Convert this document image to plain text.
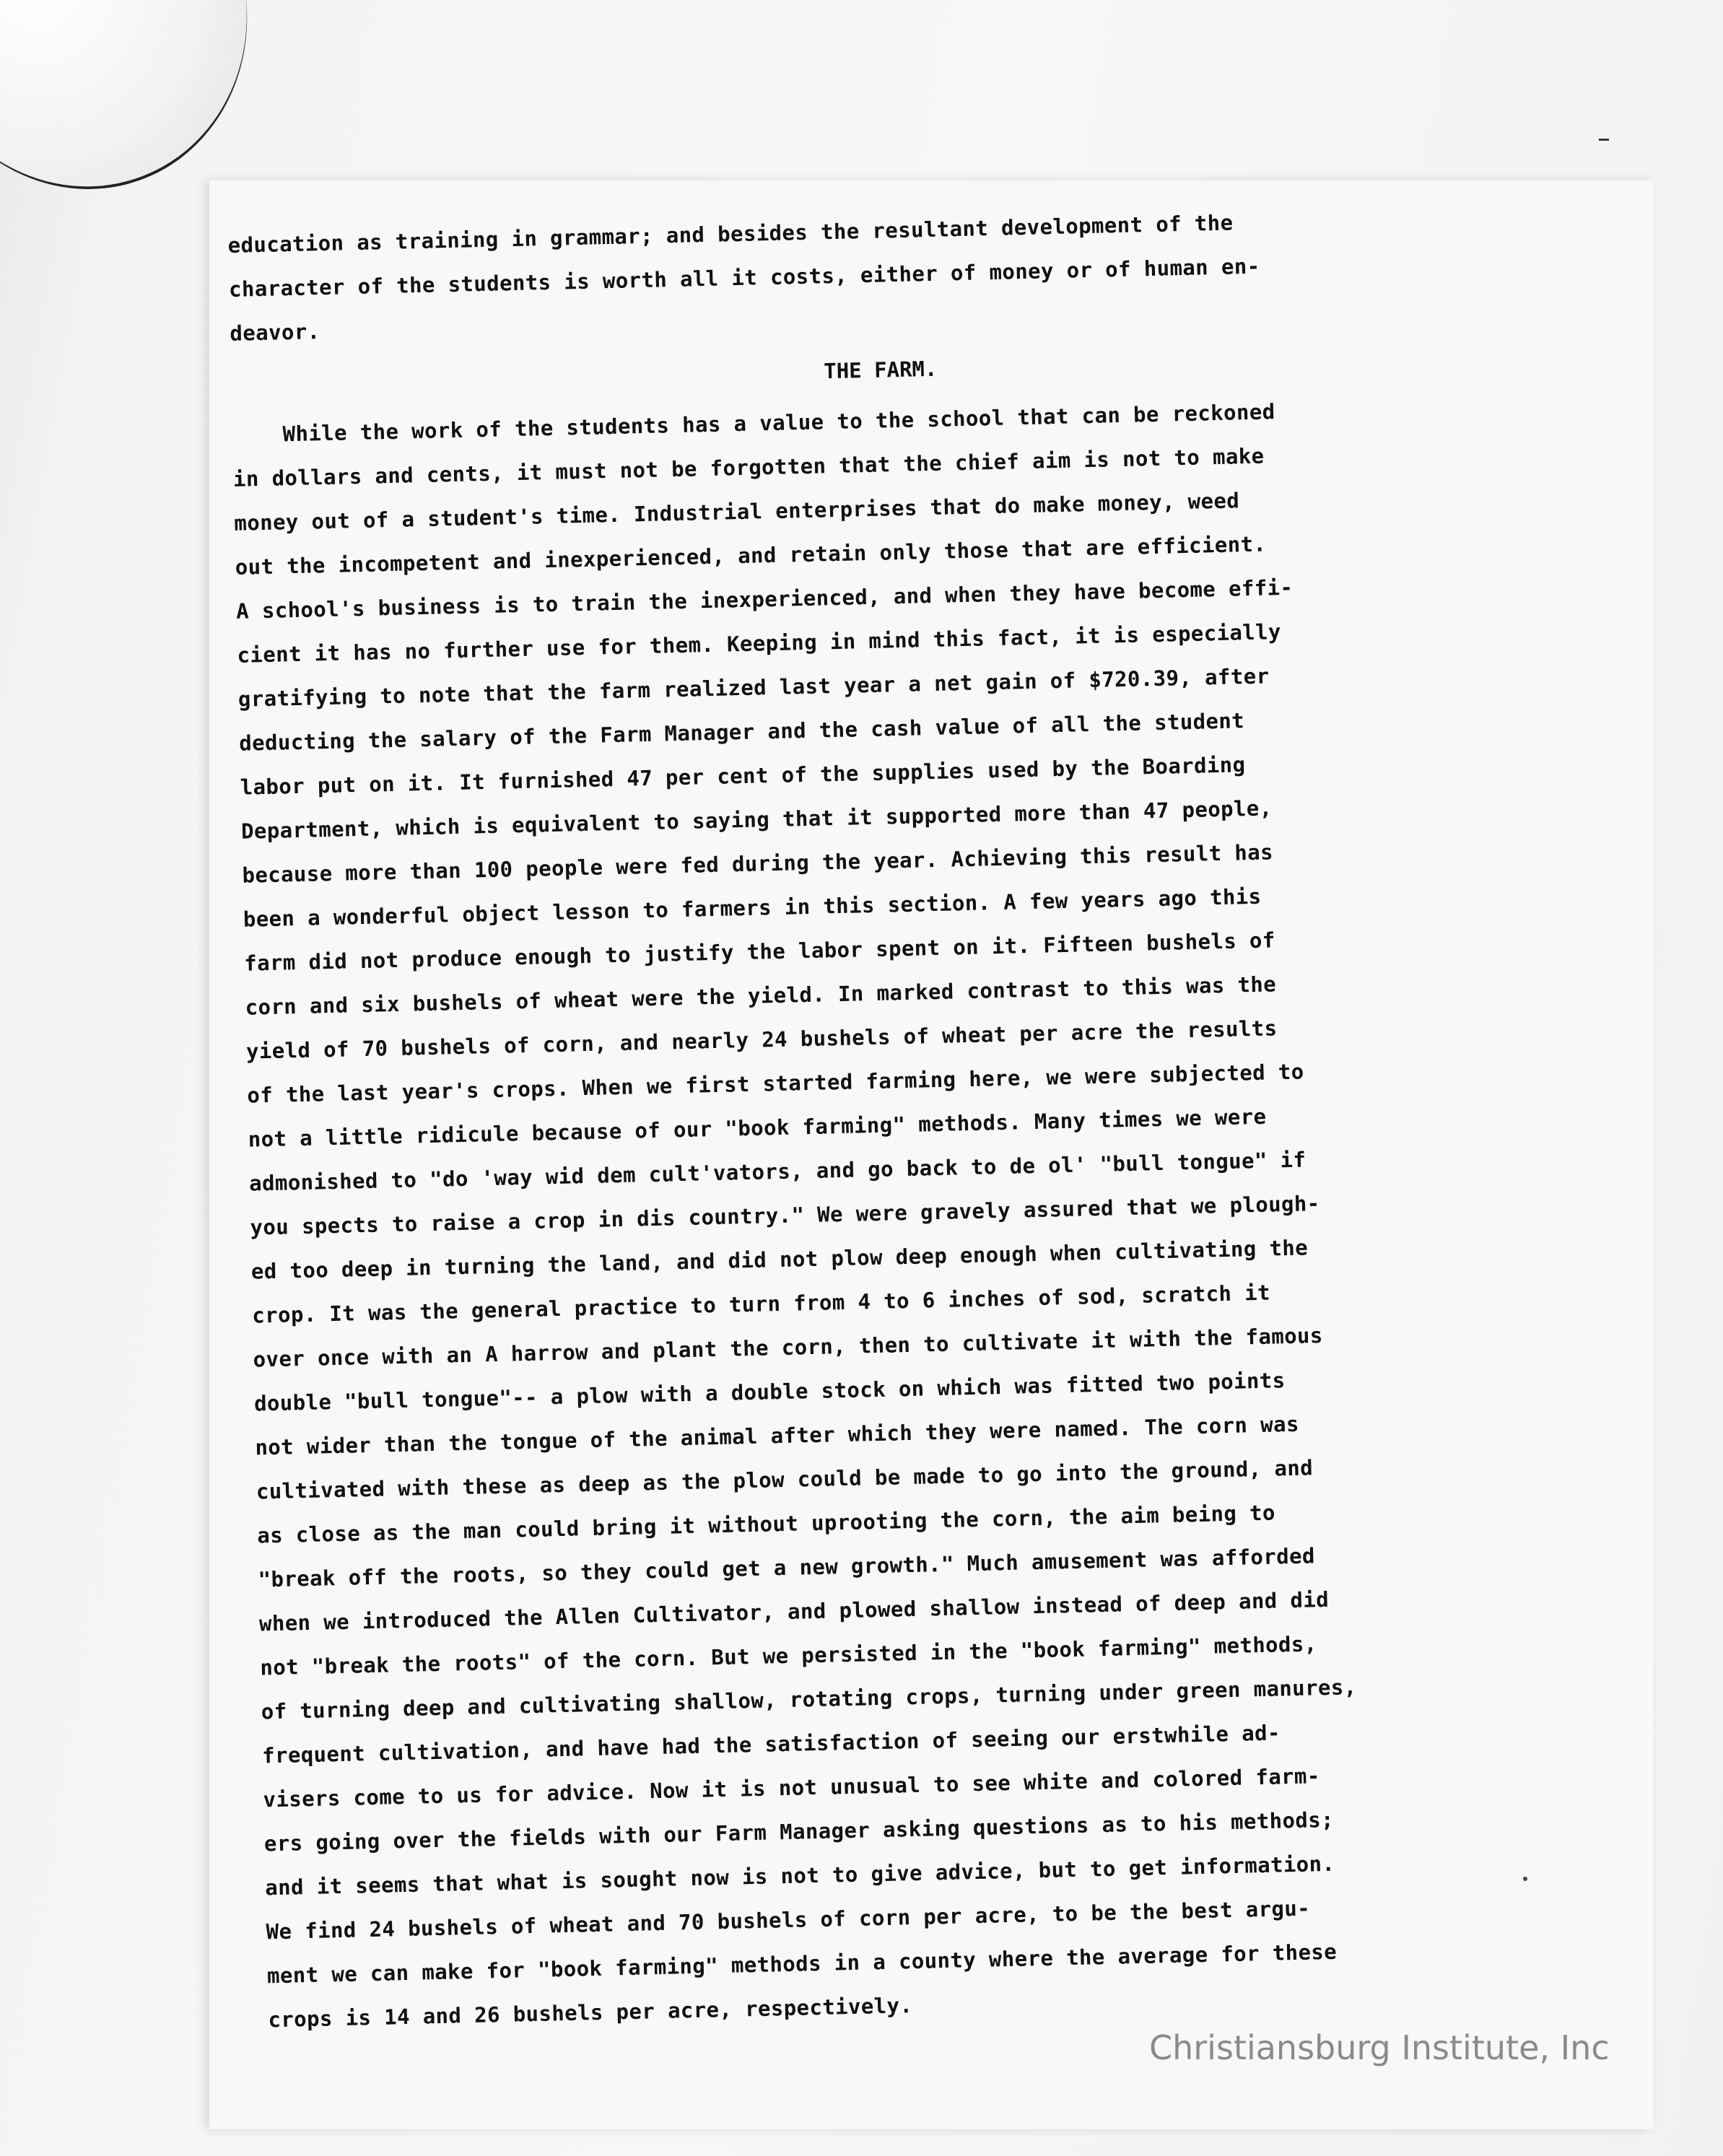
education as training in grammar; and besides the resultant development of the
character of the students is worth all it costs, either of money or of human en-
deavor.
THE FARM.
While the work of the students has a value to the school that can be reckoned
in dollars and cents, it must not be forgotten that the chief aim is not to make
money out of a student's time. Industrial enterprises that do make money, weed
out the incompetent and inexperienced, and retain only those that are efficient.
A school's business is to train the inexperienced, and when they have become effi-
cient it has no further use for them. Keeping in mind this fact, it is especially
gratifying to note that the farm realized last year a net gain of $720.39, after
deducting the salary of the Farm Manager and the cash value of all the student
labor put on it. It furnished 47 per cent of the supplies used by the Boarding
Department, which is equivalent to saying that it supported more than 47 people,
because more than 100 people were fed during the year. Achieving this result has
been a wonderful object lesson to farmers in this section. A few years ago this
farm did not produce enough to justify the labor spent on it. Fifteen bushels of
corn and six bushels of wheat were the yield. In marked contrast to this was the
yield of 70 bushels of corn, and nearly 24 bushels of wheat per acre the results
of the last year's crops. When we first started farming here, we were subjected to
not a little ridicule because of our "book farming" methods. Many times we were
admonished to "do 'way wid dem cult'vators, and go back to de ol' "bull tongue" if
you spects to raise a crop in dis country." We were gravely assured that we plough-
ed too deep in turning the land, and did not plow deep enough when cultivating the
crop. It was the general practice to turn from 4 to 6 inches of sod, scratch it
over once with an A harrow and plant the corn, then to cultivate it with the famous
double "bull tongue"-- a plow with a double stock on which was fitted two points
not wider than the tongue of the animal after which they were named. The corn was
cultivated with these as deep as the plow could be made to go into the ground, and
as close as the man could bring it without uprooting the corn, the aim being to
"break off the roots, so they could get a new growth." Much amusement was afforded
when we introduced the Allen Cultivator, and plowed shallow instead of deep and did
not "break the roots" of the corn. But we persisted in the "book farming" methods,
of turning deep and cultivating shallow, rotating crops, turning under green manures,
frequent cultivation, and have had the satisfaction of seeing our erstwhile ad-
visers come to us for advice. Now it is not unusual to see white and colored farm-
ers going over the fields with our Farm Manager asking questions as to his methods;
and it seems that what is sought now is not to give advice, but to get information.
We find 24 bushels of wheat and 70 bushels of corn per acre, to be the best argu-
ment we can make for "book farming" methods in a county where the average for these
crops is 14 and 26 bushels per acre, respectively.
Christiansburg Institute, Inc
